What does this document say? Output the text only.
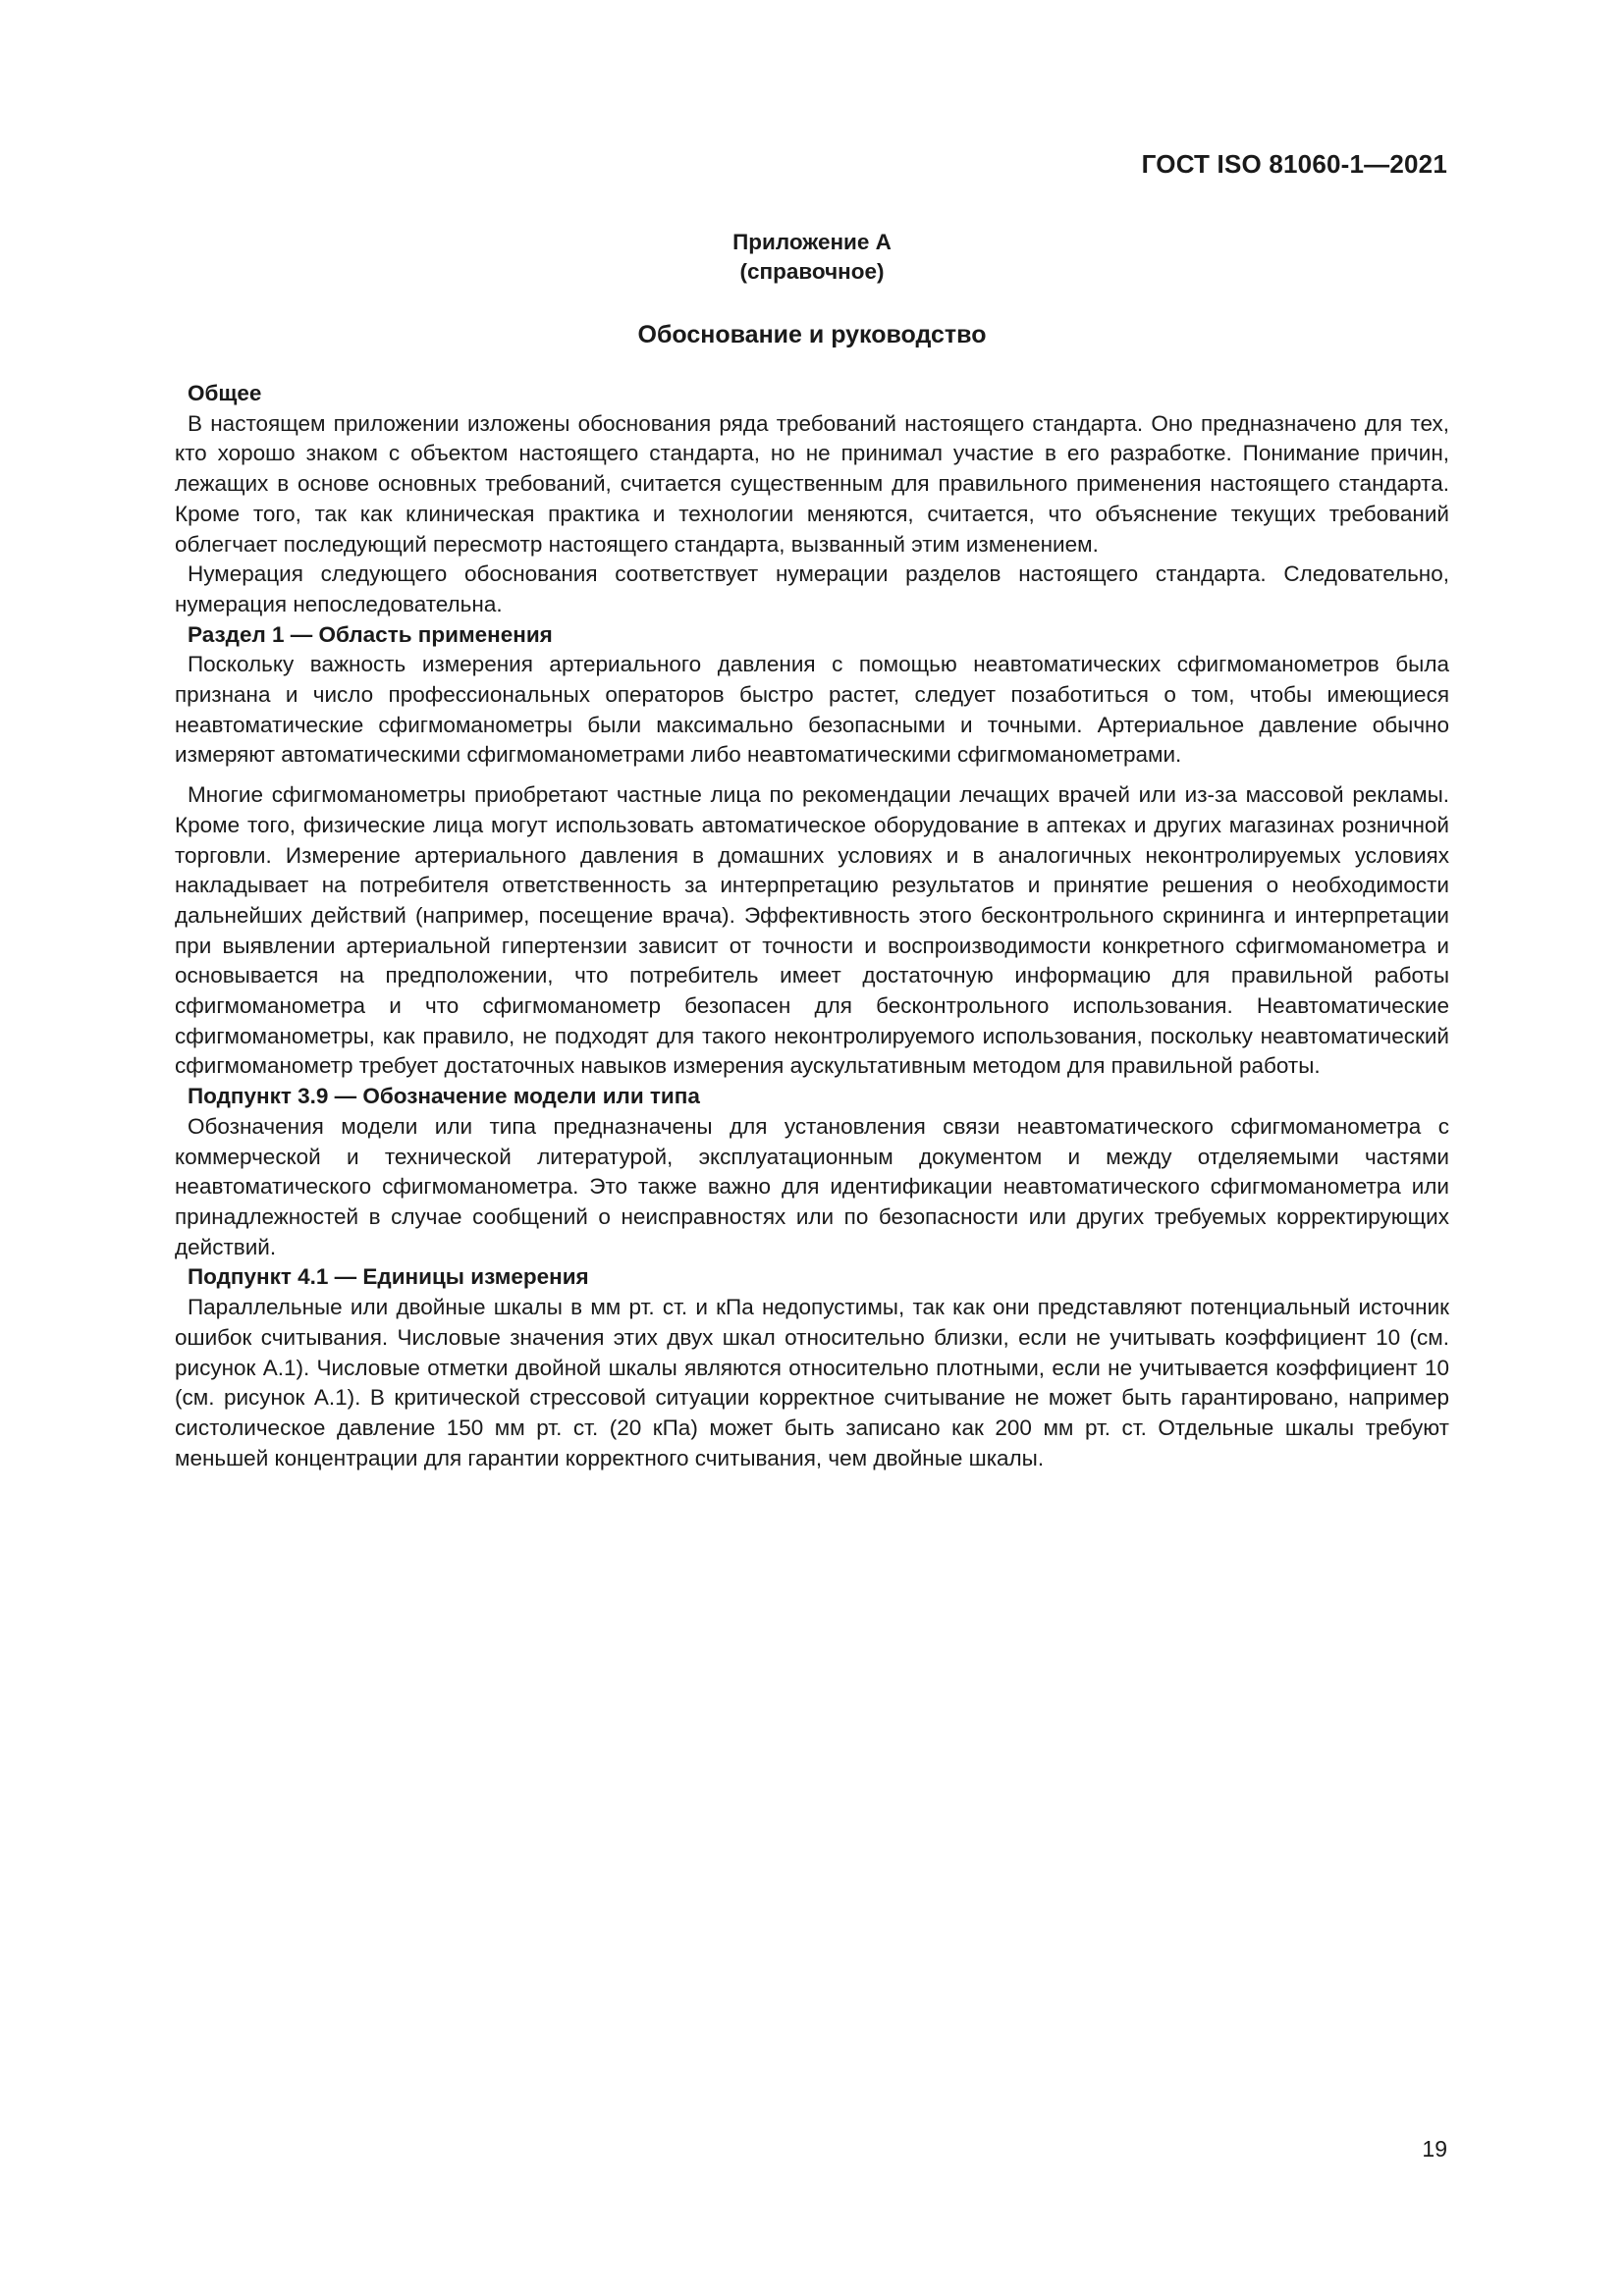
ГОСТ ISO 81060-1—2021
Приложение А
(справочное)
Обоснование и руководство
Общее

В настоящем приложении изложены обоснования ряда требований настоящего стандарта. Оно предназначено для тех, кто хорошо знаком с объектом настоящего стандарта, но не принимал участие в его разработке. Понимание причин, лежащих в основе основных требований, считается существенным для правильного применения настоящего стандарта. Кроме того, так как клиническая практика и технологии меняются, считается, что объяснение текущих требований облегчает последующий пересмотр настоящего стандарта, вызванный этим изменением.

Нумерация следующего обоснования соответствует нумерации разделов настоящего стандарта. Следовательно, нумерация непоследовательна.

Раздел 1 — Область применения

Поскольку важность измерения артериального давления с помощью неавтоматических сфигмоманометров была признана и число профессиональных операторов быстро растет, следует позаботиться о том, чтобы имеющиеся неавтоматические сфигмоманометры были максимально безопасными и точными. Артериальное давление обычно измеряют автоматическими сфигмоманометрами либо неавтоматическими сфигмоманометрами.

Многие сфигмоманометры приобретают частные лица по рекомендации лечащих врачей или из-за массовой рекламы. Кроме того, физические лица могут использовать автоматическое оборудование в аптеках и других магазинах розничной торговли. Измерение артериального давления в домашних условиях и в аналогичных неконтролируемых условиях накладывает на потребителя ответственность за интерпретацию результатов и принятие решения о необходимости дальнейших действий (например, посещение врача). Эффективность этого бесконтрольного скрининга и интерпретации при выявлении артериальной гипертензии зависит от точности и воспроизводимости конкретного сфигмоманометра и основывается на предположении, что потребитель имеет достаточную информацию для правильной работы сфигмоманометра и что сфигмоманометр безопасен для бесконтрольного использования. Неавтоматические сфигмоманометры, как правило, не подходят для такого неконтролируемого использования, поскольку неавтоматический сфигмоманометр требует достаточных навыков измерения аускультативным методом для правильной работы.

Подпункт 3.9 — Обозначение модели или типа

Обозначения модели или типа предназначены для установления связи неавтоматического сфигмоманометра с коммерческой и технической литературой, эксплуатационным документом и между отделяемыми частями неавтоматического сфигмоманометра. Это также важно для идентификации неавтоматического сфигмоманометра или принадлежностей в случае сообщений о неисправностях или по безопасности или других требуемых корректирующих действий.

Подпункт 4.1 — Единицы измерения

Параллельные или двойные шкалы в мм рт. ст. и кПа недопустимы, так как они представляют потенциальный источник ошибок считывания. Числовые значения этих двух шкал относительно близки, если не учитывать коэффициент 10 (см. рисунок А.1). Числовые отметки двойной шкалы являются относительно плотными, если не учитывается коэффициент 10 (см. рисунок А.1). В критической стрессовой ситуации корректное считывание не может быть гарантировано, например систолическое давление 150 мм рт. ст. (20 кПа) может быть записано как 200 мм рт. ст. Отдельные шкалы требуют меньшей концентрации для гарантии корректного считывания, чем двойные шкалы.

19
